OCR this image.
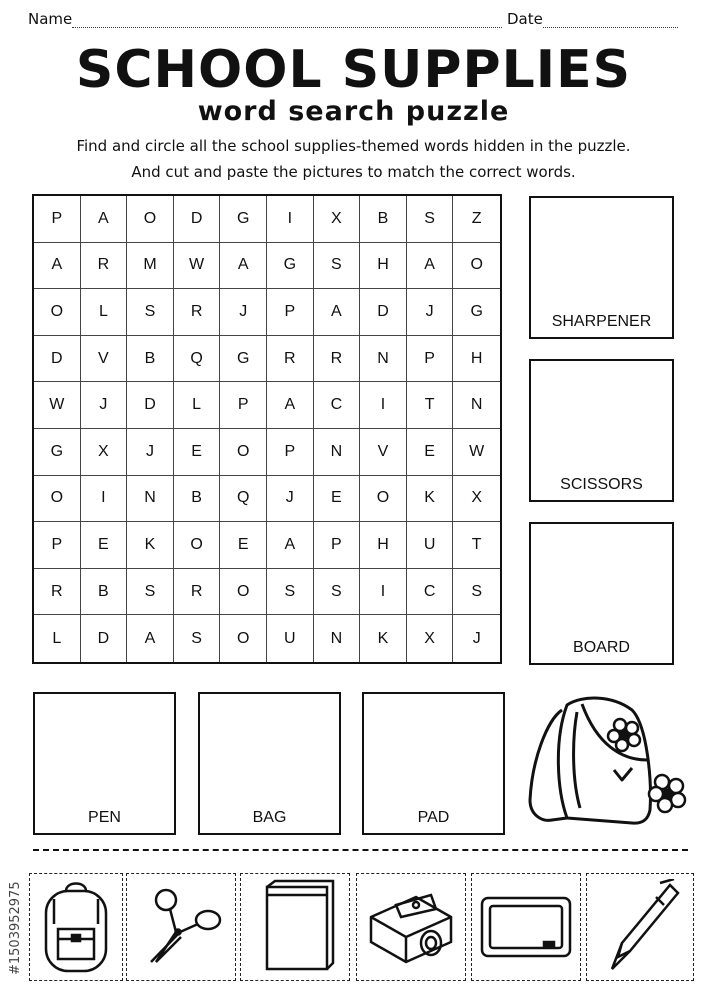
Name	Date
SCHOOL SUPPLIES
word search puzzle
Find and circle all the school supplies-themed words hidden in the puzzle.
And cut and paste the pictures to match the correct words.
P	A	O	D	G	I	X	B	S	Z
A	R	M	W	A	G	S	H	A	O
O	L	S	R	J	P	A	D	J	G
D	V	B	Q	G	R	R	N	P	H
W	J	D	L	P	A	C	I	T	N
G	X	J	E	O	P	N	V	E	W
O	I	N	B	Q	J	E	O	K	X
P	E	K	O	E	A	P	H	U	T
R	B	S	R	O	S	S	I	C	S
L	D	A	S	O	U	N	K	X	J
SHARPENER
SCISSORS
BOARD
PEN	BAG	PAD
#1503952975
